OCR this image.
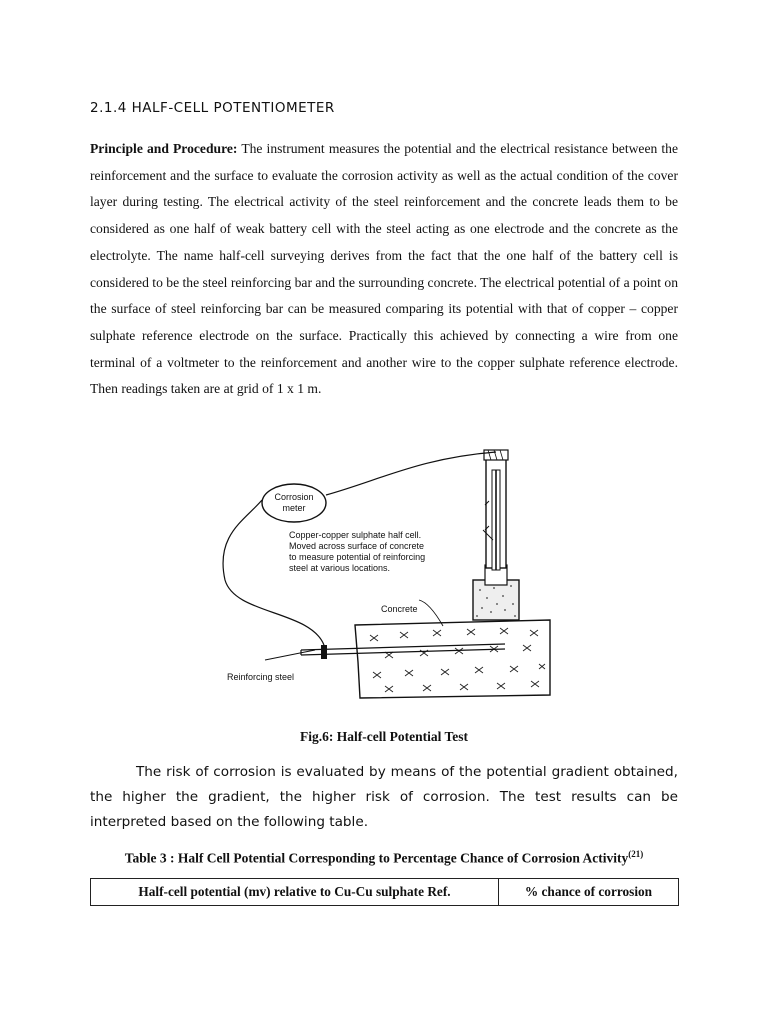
2.1.4 HALF-CELL POTENTIOMETER

Principle and Procedure: The instrument measures the potential and the electrical resistance between the reinforcement and the surface to evaluate the corrosion activity as well as the actual condition of the cover layer during testing. The electrical activity of the steel reinforcement and the concrete leads them to be considered as one half of weak battery cell with the steel acting as one electrode and the concrete as the electrolyte. The name half-cell surveying derives from the fact that the one half of the battery cell is considered to be the steel reinforcing bar and the surrounding concrete. The electrical potential of a point on the surface of steel reinforcing bar can be measured comparing its potential with that of copper – copper sulphate reference electrode on the surface. Practically this achieved by connecting a wire from one terminal of a voltmeter to the reinforcement and another wire to the copper sulphate reference electrode. Then readings taken are at grid of 1 x 1 m.

Corrosion
meter
Copper-copper sulphate half cell.
Moved across surface of concrete
to measure potential of reinforcing
steel at various locations.
Concrete
Reinforcing steel
Fig.6: Half-cell Potential Test

The risk of corrosion is evaluated by means of the potential gradient obtained, the higher the gradient, the higher risk of corrosion. The test results can be interpreted based on the following table.

Table 3 : Half Cell Potential Corresponding to Percentage Chance of Corrosion Activity$^{(21)}$
Half-cell potential (mv) relative to Cu-Cu sulphate Ref.	% chance of corrosion
